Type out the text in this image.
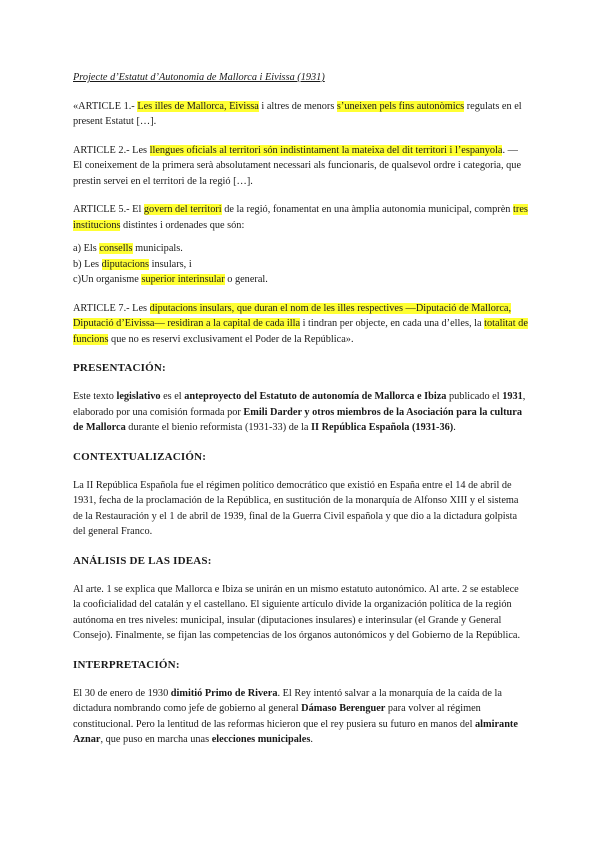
Projecte d’Estatut d’Autonomia de Mallorca i Eivissa (1931)

«ARTICLE 1.- Les illes de Mallorca, Eivissa i altres de menors s’uneixen pels fins autonòmics regulats en el present Estatut […].

ARTICLE 2.- Les llengues oficials al territori són indistintament la mateixa del dit territori i l’espanyola. — El coneixement de la primera serà absolutament necessari als funcionaris, de qualsevol ordre i categoria, que prestin servei en el territori de la regió […].

ARTICLE 5.- El govern del territori de la regió, fonamentat en una àmplia autonomia municipal, comprèn tres institucions distintes i ordenades que són:

a) Els consells municipals.

b) Les diputacions insulars, i

c)Un organisme superior interinsular o general.

ARTICLE 7.- Les diputacions insulars, que duran el nom de les illes respectives —Diputació de Mallorca, Diputació d’Eivissa— residiran a la capital de cada illa i tindran per objecte, en cada una d’elles, la totalitat de funcions que no es reservi exclusivament el Poder de la República».

PRESENTACIÓN:

Este texto legislativo es el anteproyecto del Estatuto de autonomía de Mallorca e Ibiza publicado el 1931, elaborado por una comisión formada por Emili Darder y otros miembros de la Asociación para la cultura de Mallorca durante el bienio reformista (1931-33) de la II República Española (1931-36).

CONTEXTUALIZACIÓN:

La II República Española fue el régimen político democrático que existió en España entre el 14 de abril de 1931, fecha de la proclamación de la República, en sustitución de la monarquía de Alfonso XIII y el sistema de la Restauración y el 1 de abril de 1939, final de la Guerra Civil española y que dio a la dictadura golpista del general Franco.

ANÁLISIS DE LAS IDEAS:

Al arte. 1 se explica que Mallorca e Ibiza se unirán en un mismo estatuto autonómico. Al arte. 2 se establece la cooficialidad del catalán y el castellano. El siguiente artículo divide la organización política de la región autónoma en tres niveles: municipal, insular (diputaciones insulares) e interinsular (el Grande y General Consejo). Finalmente, se fijan las competencias de los órganos autonómicos y del Gobierno de la República.

INTERPRETACIÓN:

El 30 de enero de 1930 dimitió Primo de Rivera. El Rey intentó salvar a la monarquía de la caída de la dictadura nombrando como jefe de gobierno al general Dámaso Berenguer para volver al régimen constitucional. Pero la lentitud de las reformas hicieron que el rey pusiera su futuro en manos del almirante Aznar, que puso en marcha unas elecciones municipales.
